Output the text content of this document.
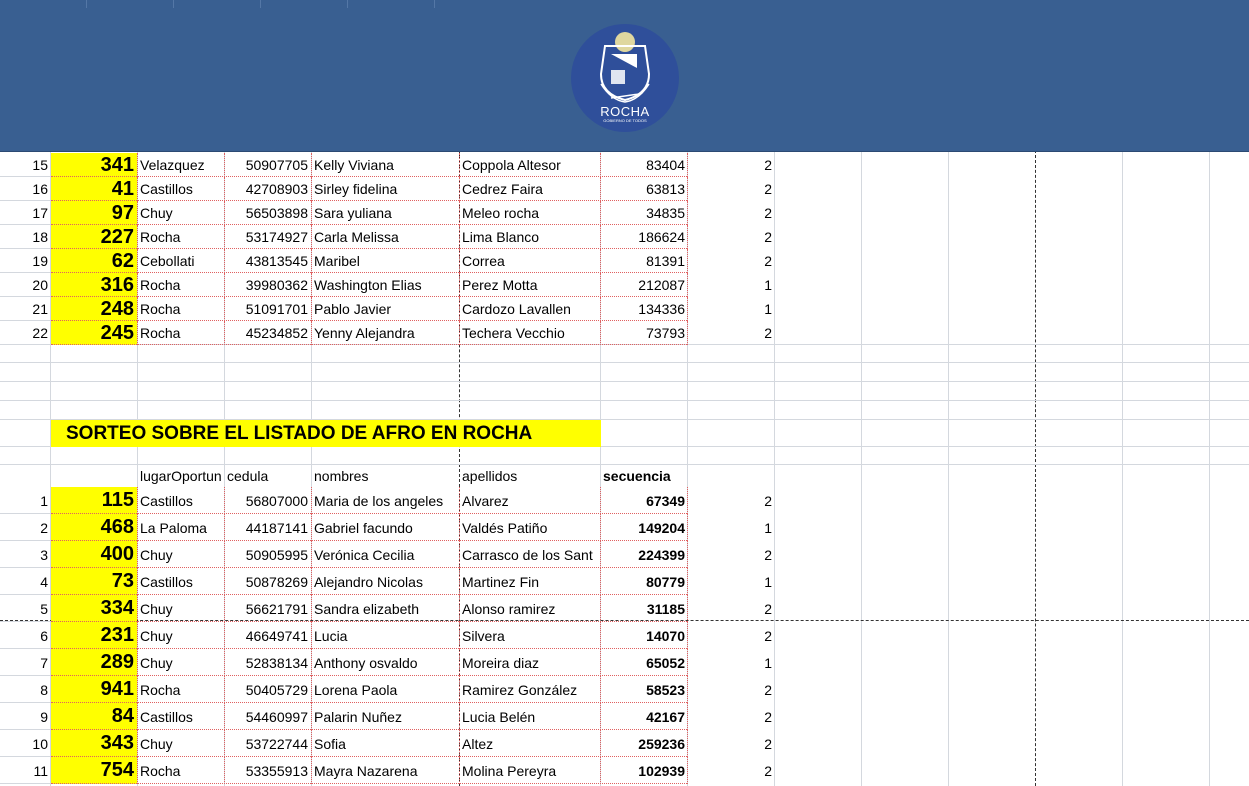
ROCHA
GOBIERNO DE TODOS
15	341 Velazquez	50907705 Kelly Viviana	Coppola Altesor	83404	2
16	41 Castillos	42708903 Sirley fidelina	Cedrez Faira	63813	2
17	97 Chuy	56503898 Sara yuliana	Meleo rocha	34835	2
18	227 Rocha	53174927 Carla Melissa	Lima Blanco	186624	2
19	62 Cebollati	43813545 Maribel	Correa	81391	2
20	316 Rocha	39980362 Washington Elias	Perez Motta	212087	1
21	248 Rocha	51091701 Pablo Javier	Cardozo Lavallen	134336	1
22	245 Rocha	45234852 Yenny Alejandra	Techera Vecchio	73793	2
SORTEO SOBRE EL LISTADO DE AFRO EN ROCHA
lugarOportun cedula	nombres	apellidos	secuencia
1	115 Castillos	56807000 Maria de los angeles	Alvarez	67349	2
2	468 La Paloma	44187141 Gabriel facundo	Valdés Patiño	149204	1
3	400 Chuy	50905995 Verónica Cecilia	Carrasco de los Sant	224399	2
4	73 Castillos	50878269 Alejandro Nicolas	Martinez Fin	80779	1
5	334 Chuy	56621791 Sandra elizabeth	Alonso ramirez	31185	2
6	231 Chuy	46649741 Lucia	Silvera	14070	2
7	289 Chuy	52838134 Anthony osvaldo	Moreira diaz	65052	1
8	941 Rocha	50405729 Lorena Paola	Ramirez González	58523	2
9	84 Castillos	54460997 Palarin Nuñez	Lucia Belén	42167	2
10	343 Chuy	53722744 Sofia	Altez	259236	2
11	754 Rocha	53355913 Mayra Nazarena	Molina Pereyra	102939	2
